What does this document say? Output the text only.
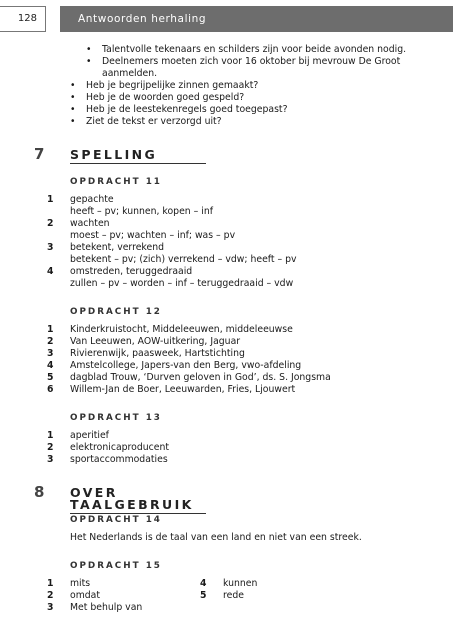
128	Antwoorden herhaling
• Talentvolle tekenaars en schilders zijn voor beide avonden nodig.
• Deelnemers moeten zich voor 16 oktober bij mevrouw De Groot aanmelden.
• Heb je begrijpelijke zinnen gemaakt?
• Heb je de woorden goed gespeld?
• Heb je de leestekenregels goed toegepast?
• Ziet de tekst er verzorgd uit?
7 SPELLING
OPDRACHT 11
1 gepachte
heeft – pv; kunnen, kopen – inf
2 wachten
moest – pv; wachten – inf; was – pv
3 betekent, verrekend
betekent – pv; (zich) verrekend – vdw; heeft – pv
4 omstreden, teruggedraaid
zullen – pv – worden – inf – teruggedraaid – vdw
OPDRACHT 12
1 Kinderkruistocht, Middeleeuwen, middeleeuwse
2 Van Leeuwen, AOW-uitkering, Jaguar
3 Rivierenwijk, paasweek, Hartstichting
4 Amstelcollege, Japers-van den Berg, vwo-afdeling
5 dagblad Trouw, ‘Durven geloven in God’, ds. S. Jongsma
6 Willem-Jan de Boer, Leeuwarden, Fries, Ljouwert
OPDRACHT 13
1 aperitief
2 elektronicaproducent
3 sportaccommodaties
8 OVER TAALGEBRUIK
OPDRACHT 14
Het Nederlands is de taal van een land en niet van een streek.
OPDRACHT 15
1 mits
2 omdat
3 Met behulp van
4 kunnen
5 rede
